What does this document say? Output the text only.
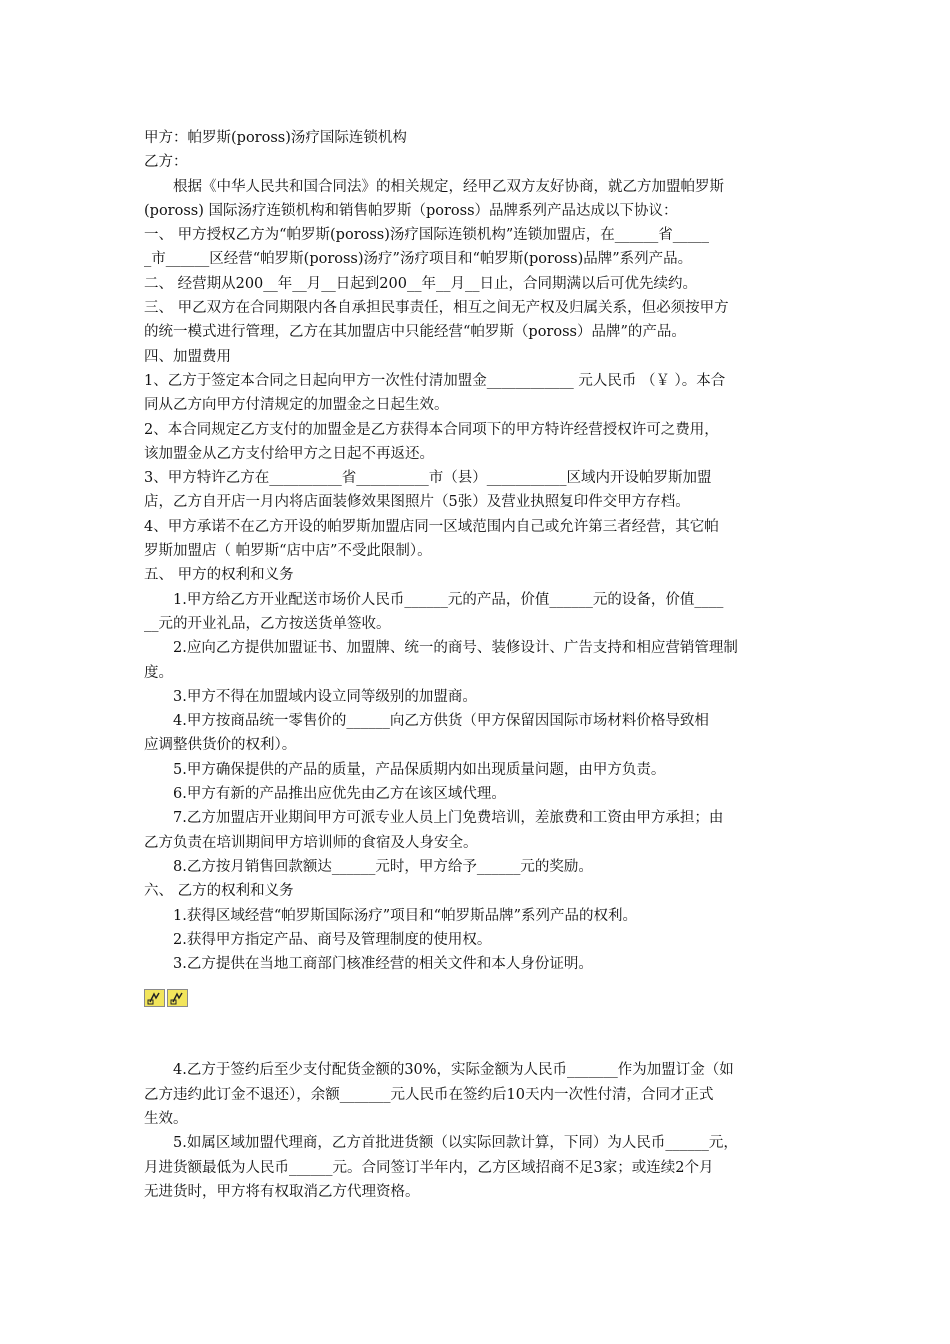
甲方：帕罗斯(poross)汤疗国际连锁机构

乙方：

根据《中华人民共和国合同法》的相关规定，经甲乙双方友好协商，就乙方加盟帕罗斯

(poross) 国际汤疗连锁机构和销售帕罗斯（poross）品牌系列产品达成以下协议：

一、 甲方授权乙方为“帕罗斯(poross)汤疗国际连锁机构”连锁加盟店，在______省_____

_市______区经营“帕罗斯(poross)汤疗”汤疗项目和“帕罗斯(poross)品牌”系列产品。

二、 经营期从200__年__月__日起到200__年__月__日止，合同期满以后可优先续约。

三、 甲乙双方在合同期限内各自承担民事责任，相互之间无产权及归属关系，但必须按甲方

的统一模式进行管理，乙方在其加盟店中只能经营“帕罗斯（poross）品牌”的产品。

四、加盟费用

1、乙方于签定本合同之日起向甲方一次性付清加盟金____________ 元人民币 （￥ ）。本合

同从乙方向甲方付清规定的加盟金之日起生效。

2、本合同规定乙方支付的加盟金是乙方获得本合同项下的甲方特许经营授权许可之费用，

该加盟金从乙方支付给甲方之日起不再返还。

3、甲方特许乙方在__________省__________市（县）___________区域内开设帕罗斯加盟

店，乙方自开店一月内将店面装修效果图照片（5张）及营业执照复印件交甲方存档。

4、甲方承诺不在乙方开设的帕罗斯加盟店同一区域范围内自己或允许第三者经营，其它帕

罗斯加盟店（ 帕罗斯“店中店”不受此限制）。

五、 甲方的权利和义务

1.甲方给乙方开业配送市场价人民币______元的产品，价值______元的设备，价值____

__元的开业礼品，乙方按送货单签收。

2.应向乙方提供加盟证书、加盟牌、统一的商号、装修设计、广告支持和相应营销管理制

度。

3.甲方不得在加盟域内设立同等级别的加盟商。

4.甲方按商品统一零售价的______向乙方供货（甲方保留因国际市场材料价格导致相

应调整供货价的权利）。

5.甲方确保提供的产品的质量，产品保质期内如出现质量问题，由甲方负责。

6.甲方有新的产品推出应优先由乙方在该区域代理。

7.乙方加盟店开业期间甲方可派专业人员上门免费培训，差旅费和工资由甲方承担；由

乙方负责在培训期间甲方培训师的食宿及人身安全。

8.乙方按月销售回款额达______元时，甲方给予______元的奖励。

六、 乙方的权利和义务

1.获得区域经营“帕罗斯国际汤疗”项目和“帕罗斯品牌”系列产品的权利。

2.获得甲方指定产品、商号及管理制度的使用权。

3.乙方提供在当地工商部门核准经营的相关文件和本人身份证明。

4.乙方于签约后至少支付配货金额的30%，实际金额为人民币_______作为加盟订金（如

乙方违约此订金不退还），余额_______元人民币在签约后10天内一次性付清，合同才正式

生效。

5.如属区域加盟代理商，乙方首批进货额（以实际回款计算，下同）为人民币______元，

月进货额最低为人民币______元。合同签订半年内，乙方区域招商不足3家；或连续2个月

无进货时，甲方将有权取消乙方代理资格。
